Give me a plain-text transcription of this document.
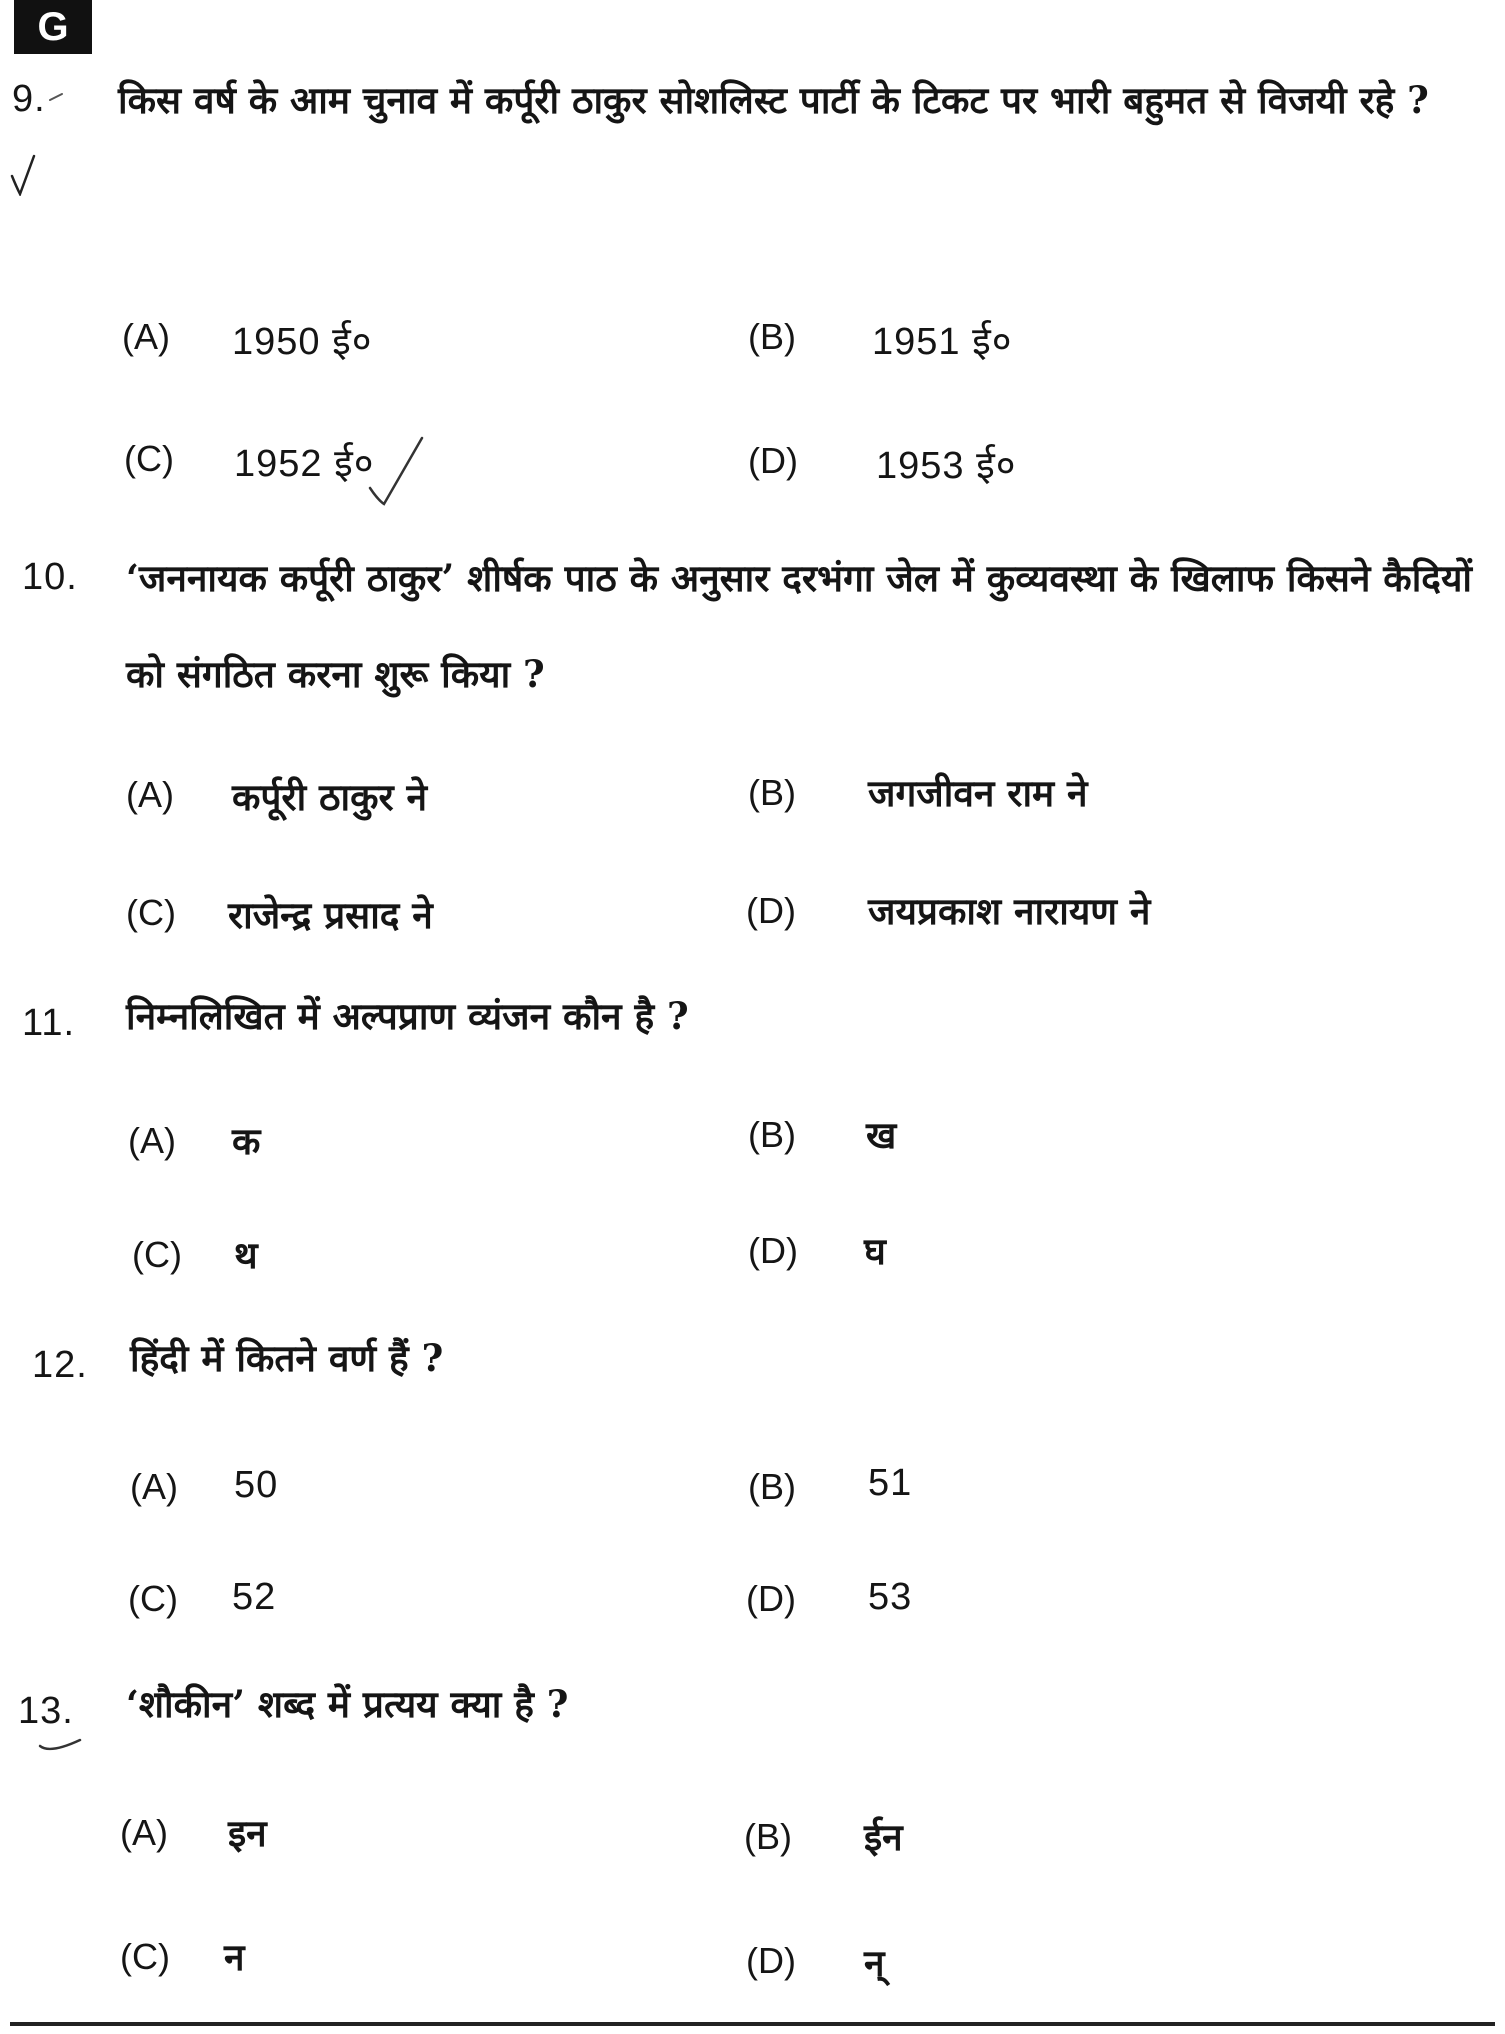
G
9. किस वर्ष के आम चुनाव में कर्पूरी ठाकुर सोशलिस्ट पार्टी के टिकट पर भारी बहुमत से विजयी रहे ?
(A) 1950 ई०	(B) 1951 ई०
(C) 1952 ई०	(D) 1953 ई०
10. ‘जननायक कर्पूरी ठाकुर’ शीर्षक पाठ के अनुसार दरभंगा जेल में कुव्यवस्था के खिलाफ किसने कैदियों को संगठित करना शुरू किया ?
(A) कर्पूरी ठाकुर ने	(B) जगजीवन राम ने
(C) राजेन्द्र प्रसाद ने	(D) जयप्रकाश नारायण ने
11. निम्नलिखित में अल्पप्राण व्यंजन कौन है ?
(A) क	(B) ख
(C) थ	(D) घ
12. हिंदी में कितने वर्ण हैं ?
(A) 50	(B) 51
(C) 52	(D) 53
13. ‘शौकीन’ शब्द में प्रत्यय क्या है ?
(A) इन	(B) ईन
(C) न	(D) न्
